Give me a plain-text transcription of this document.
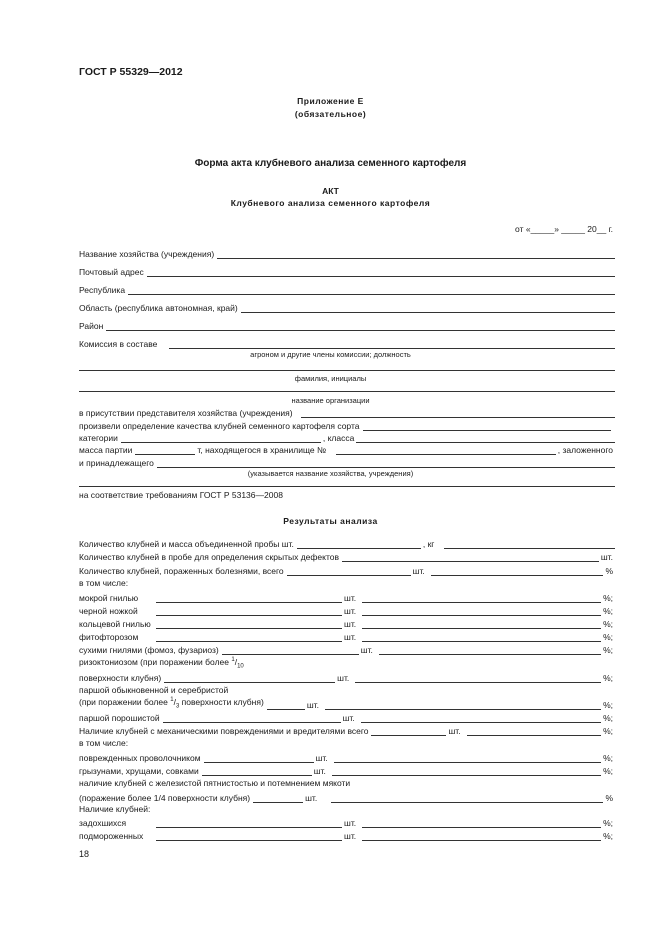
ГОСТ Р 55329—2012
Приложение Е
(обязательное)
Форма акта клубневого анализа семенного картофеля
АКТ
Клубневого анализа семенного картофеля
от «_____» _____ 20__ г.
Название хозяйства (учреждения)
Почтовый адрес
Республика
Область (республика автономная, край)
Район
Комиссия в составе
агроном и другие члены комиссии; должность
фамилия, инициалы
название организации
в присутствии представителя хозяйства (учреждения)
произвели определение качества клубней семенного картофеля сорта
категории	, класса
масса партии	т, находящегося в хранилище №	, заложенного
и принадлежащего
(указывается название хозяйства, учреждения)
на соответствие требованиям ГОСТ Р 53136—2008
Результаты анализа
Количество клубней и масса объединенной пробы шт.	, кг
Количество клубней в пробе для определения скрытых дефектов	шт.
Количество клубней, пораженных болезнями, всего	шт.	%
в том числе:
мокрой гнилью	шт.	%;
черной ножкой	шт.	%;
кольцевой гнилью	шт.	%;
фитофторозом	шт.	%;
сухими гнилями (фомоз, фузариоз)	шт.	%;
ризоктониозом (при поражении более $^1/_{10}$
поверхности клубня)	шт.	%;
паршой обыкновенной и серебристой
(при поражении более $^1/_3$ поверхности клубня)	шт.	%;
паршой порошистой	шт.	%;
Наличие клубней с механическими повреждениями и вредителями всего	шт.	%;
в том числе:
поврежденных проволочником	шт.	%;
грызунами, хрущами, совками	шт.	%;
наличие клубней с железистой пятнистостью и потемнением мякоти
(поражение более 1/4 поверхности клубня)	шт.	%
Наличие клубней:
задохшихся	шт.	%;
подмороженных	шт.	%;
18
